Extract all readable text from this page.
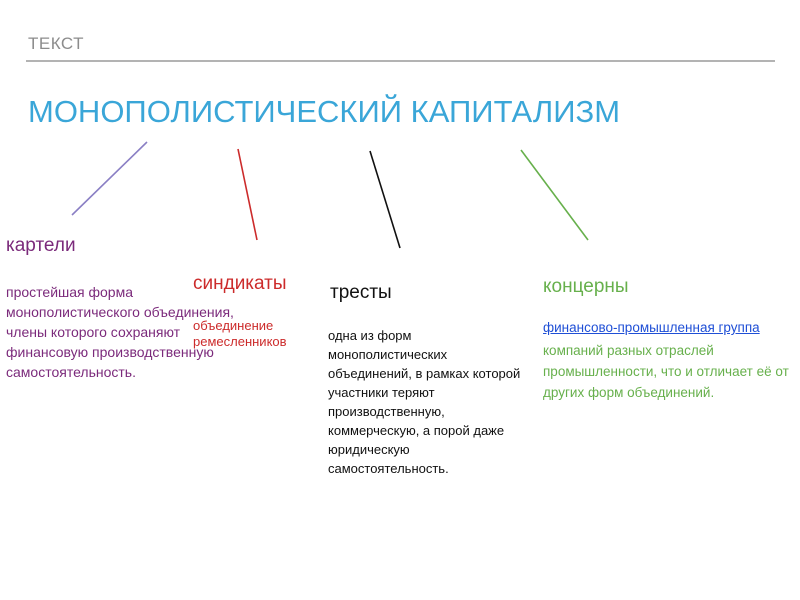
ТЕКСТ
МОНОПОЛИСТИЧЕСКИЙ КАПИТАЛИЗМ
картели
простейшая форма монополистического объединения, члены которого сохраняют финансовую производственную самостоятельность.
синдикаты
объединение ремесленников
тресты
одна из форм монополистических объединений, в рамках которой участники теряют производственную, коммерческую, а порой даже юридическую самостоятельность.
концерны
финансово-промышленная группа
компаний разных отраслей промышленности, что и отличает её от других форм объединений.
